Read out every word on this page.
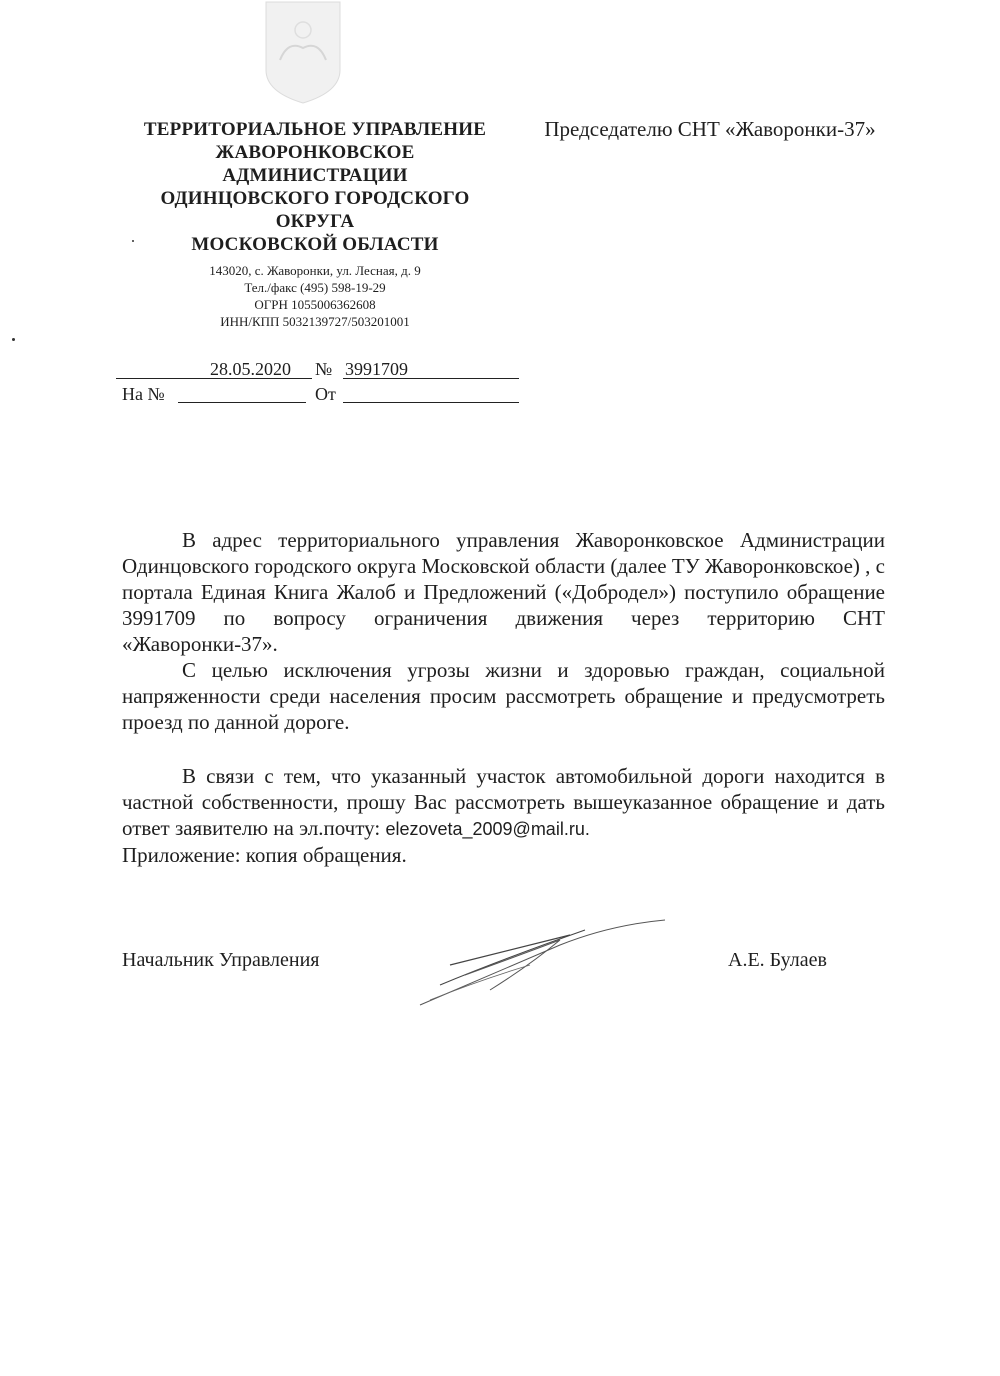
ТЕРРИТОРИАЛЬНОЕ УПРАВЛЕНИЕ
ЖАВОРОНКОВСКОЕ
АДМИНИСТРАЦИИ
ОДИНЦОВСКОГО ГОРОДСКОГО
ОКРУГА
МОСКОВСКОЙ ОБЛАСТИ
143020, с. Жаворонки, ул. Лесная, д. 9
Тел./факс (495) 598-19-29
ОГРН 1055006362608
ИНН/КПП 5032139727/503201001
Председателю СНТ «Жаворонки-37»
28.05.2020 № 3991709
На №	От

В адрес территориального управления Жаворонковское Администрации Одинцовского городского округа Московской области (далее ТУ Жаворонковское) , с портала Единая Книга Жалоб и Предложений («Добродел») поступило обращение 3991709 по вопросу ограничения движения через территорию СНТ «Жаворонки-37».

С целью исключения угрозы жизни и здоровью граждан, социальной напряженности среди населения просим рассмотреть обращение и предусмотреть проезд по данной дороге.

В связи с тем, что указанный участок автомобильной дороги находится в частной собственности, прошу Вас рассмотреть вышеуказанное обращение и дать ответ заявителю на эл.почту: elezoveta_2009@mail.ru.

Приложение: копия обращения.

Начальник Управления	А.Е. Булаев
